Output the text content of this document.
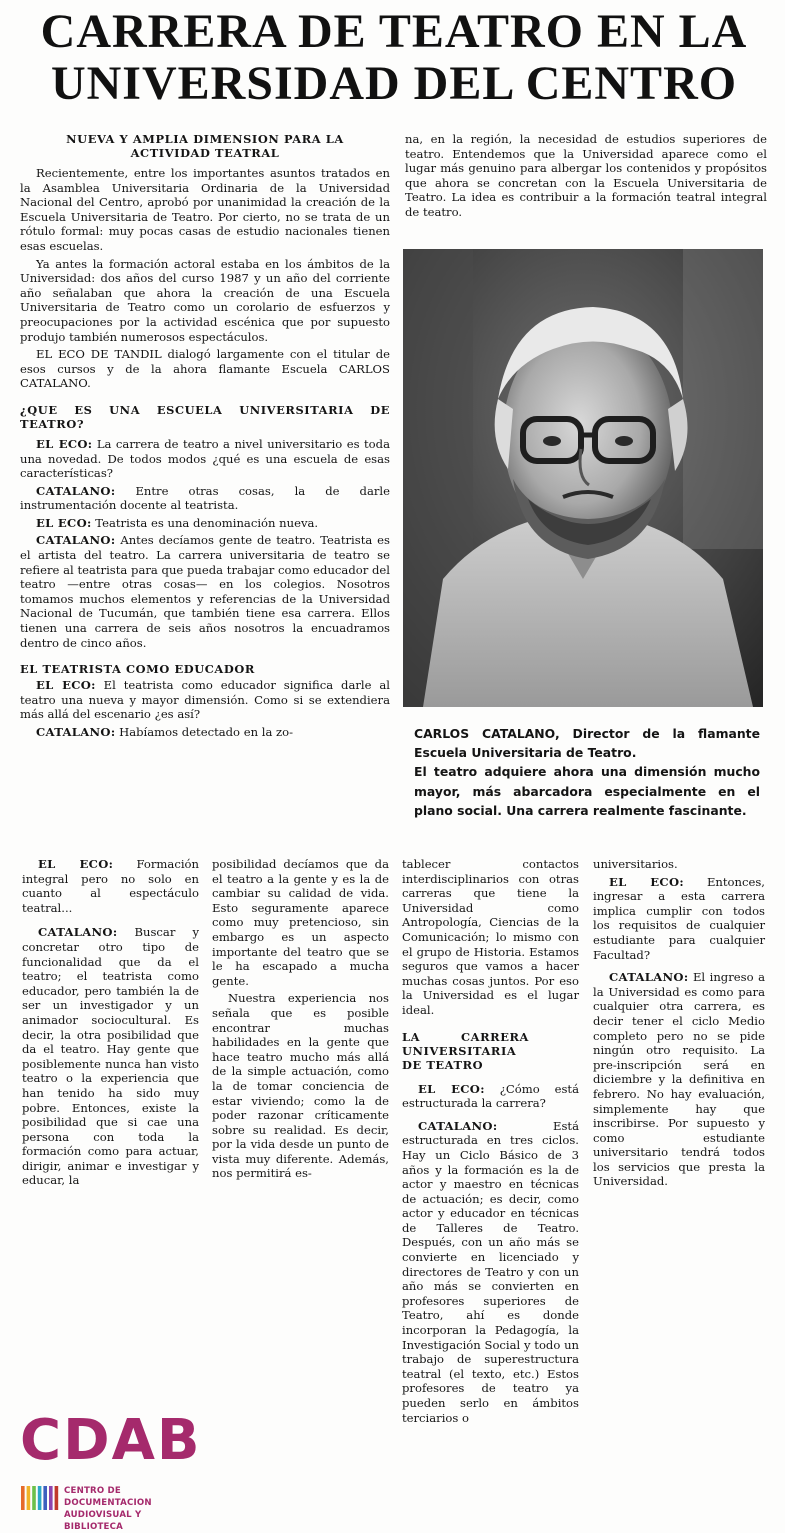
CARRERA DE TEATRO EN LA
UNIVERSIDAD DEL CENTRO
NUEVA Y AMPLIA DIMENSION PARA LA ACTIVIDAD TEATRAL

Recientemente, entre los importantes asuntos tratados en la Asamblea Universitaria Ordinaria de la Universidad Nacional del Centro, aprobó por unanimidad la creación de la Escuela Universitaria de Teatro. Por cierto, no se trata de un rótulo formal: muy pocas casas de estudio nacionales tienen esas escuelas.

Ya antes la formación actoral estaba en los ámbitos de la Universidad: dos años del curso 1987 y un año del corriente año señalaban que ahora la creación de una Escuela Universitaria de Teatro como un corolario de esfuerzos y preocupaciones por la actividad escénica que por supuesto produjo también numerosos espectáculos.

EL ECO DE TANDIL dialogó largamente con el titular de esos cursos y de la ahora flamante Escuela CARLOS CATALANO.

¿QUE ES UNA ESCUELA UNIVERSITARIA DE TEATRO?

EL ECO: La carrera de teatro a nivel universitario es toda una novedad. De todos modos ¿qué es una escuela de esas características?

CATALANO: Entre otras cosas, la de darle instrumentación docente al teatrista.

EL ECO: Teatrista es una denominación nueva.

CATALANO: Antes decíamos gente de teatro. Teatrista es el artista del teatro. La carrera universitaria de teatro se refiere al teatrista para que pueda trabajar como educador del teatro —entre otras cosas— en los colegios. Nosotros tomamos muchos elementos y referencias de la Universidad Nacional de Tucumán, que también tiene esa carrera. Ellos tienen una carrera de seis años nosotros la encuadramos dentro de cinco años.

EL TEATRISTA COMO EDUCADOR

EL ECO: El teatrista como educador significa darle al teatro una nueva y mayor dimensión. Como si se extendiera más allá del escenario ¿es así?

CATALANO: Habíamos detectado en la zo-

na, en la región, la necesidad de estudios superiores de teatro. Entendemos que la Universidad aparece como el lugar más genuino para albergar los contenidos y propósitos que ahora se concretan con la Escuela Universitaria de Teatro. La idea es contribuir a la formación teatral integral de teatro.

CARLOS CATALANO, Director de la flamante Escuela Universitaria de Teatro.

El teatro adquiere ahora una dimensión mucho mayor, más abarcadora especialmente en el plano social. Una carrera realmente fascinante.

EL ECO: Formación integral pero no solo en cuanto al espectáculo teatral...

CATALANO: Buscar y concretar otro tipo de funcionalidad que da el teatro; el teatrista como educador, pero también la de ser un investigador y un animador sociocultural. Es decir, la otra posibilidad que da el teatro. Hay gente que posiblemente nunca han visto teatro o la experiencia que han tenido ha sido muy pobre. Entonces, existe la posibilidad que si cae una persona con toda la formación como para actuar, dirigir, animar e investigar y educar, la

posibilidad decíamos que da el teatro a la gente y es la de cambiar su calidad de vida. Esto seguramente aparece como muy pretencioso, sin embargo es un aspecto importante del teatro que se le ha escapado a mucha gente.

Nuestra experiencia nos señala que es posible encontrar muchas habilidades en la gente que hace teatro mucho más allá de la simple actuación, como la de tomar conciencia de estar viviendo; como la de poder razonar críticamente sobre su realidad. Es decir, por la vida desde un punto de vista muy diferente. Además, nos permitirá es-

tablecer contactos interdisciplinarios con otras carreras que tiene la Universidad como Antropología, Ciencias de la Comunicación; lo mismo con el grupo de Historia. Estamos seguros que vamos a hacer muchas cosas juntos. Por eso la Universidad es el lugar ideal.

LA CARRERA UNIVERSITARIA DE TEATRO

EL ECO: ¿Cómo está estructurada la carrera?

CATALANO:	Está estructurada en tres ciclos. Hay un Ciclo Básico de 3 años y la formación es la de actor y maestro en técnicas de actuación; es decir, como actor y educador en técnicas de Talleres de Teatro. Después, con un año más se convierte en licenciado y directores de Teatro y con un año más se convierten en profesores superiores de Teatro, ahí es donde incorporan la Pedagogía, la Investigación Social y todo un trabajo de superestructura teatral (el texto, etc.) Estos profesores de teatro ya pueden serlo en ámbitos terciarios o

universitarios.

EL ECO: Entonces, ingresar a esta carrera implica cumplir con todos los requisitos de cualquier estudiante para cualquier Facultad?

CATALANO: El ingreso a la Universidad es como para cualquier otra carrera, es decir tener el ciclo Medio completo pero no se pide ningún otro requisito. La pre-inscripción será en diciembre y la definitiva en febrero. No hay evaluación, simplemente hay que inscribirse. Por supuesto y como estudiante universitario tendrá todos los servicios que presta la Universidad.

CDAB
CENTRO DE DOCUMENTACION
AUDIOVISUAL Y BIBLIOTECA
